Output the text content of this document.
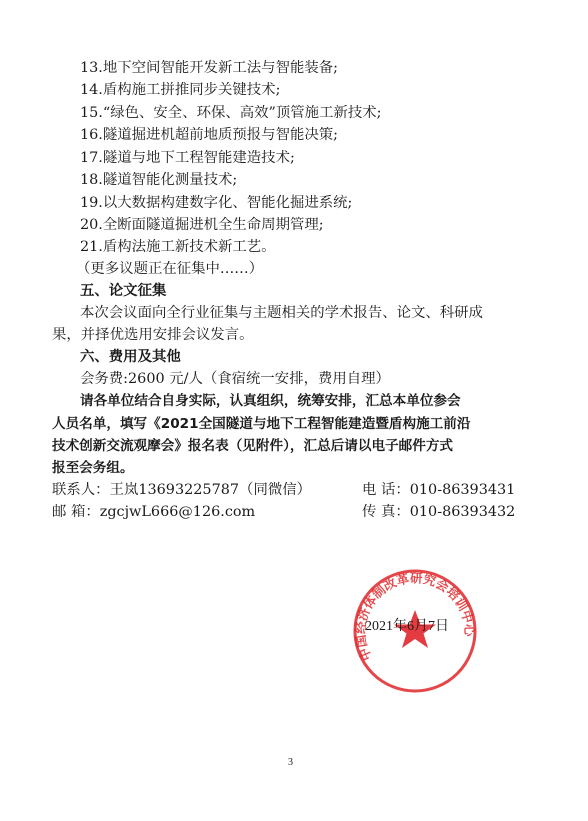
13.地下空间智能开发新工法与智能装备;
14.盾构施工拼推同步关键技术;
15.“绿色、安全、环保、高效”顶管施工新技术;
16.隧道掘进机超前地质预报与智能决策;
17.隧道与地下工程智能建造技术;
18.隧道智能化测量技术;
19.以大数据构建数字化、智能化掘进系统;
20.全断面隧道掘进机全生命周期管理;
21.盾构法施工新技术新工艺。
（更多议题正在征集中……）
五、论文征集
本次会议面向全行业征集与主题相关的学术报告、论文、科研成
果，并择优选用安排会议发言。
六、费用及其他
会务费:2600 元/人（食宿统一安排，费用自理）
请各单位结合自身实际，认真组织，统筹安排，汇总本单位参会
人员名单，填写《2021全国隧道与地下工程智能建造暨盾构施工前沿
技术创新交流观摩会》报名表（见附件），汇总后请以电子邮件方式
报至会务组。
联系人：王岚13693225787（同微信）	电 话：010-86393431
邮 箱：zgcjwL666@126.com	传 真：010-86393432
中国经济体制改革研究会培训中心
2021年6月7日
3
